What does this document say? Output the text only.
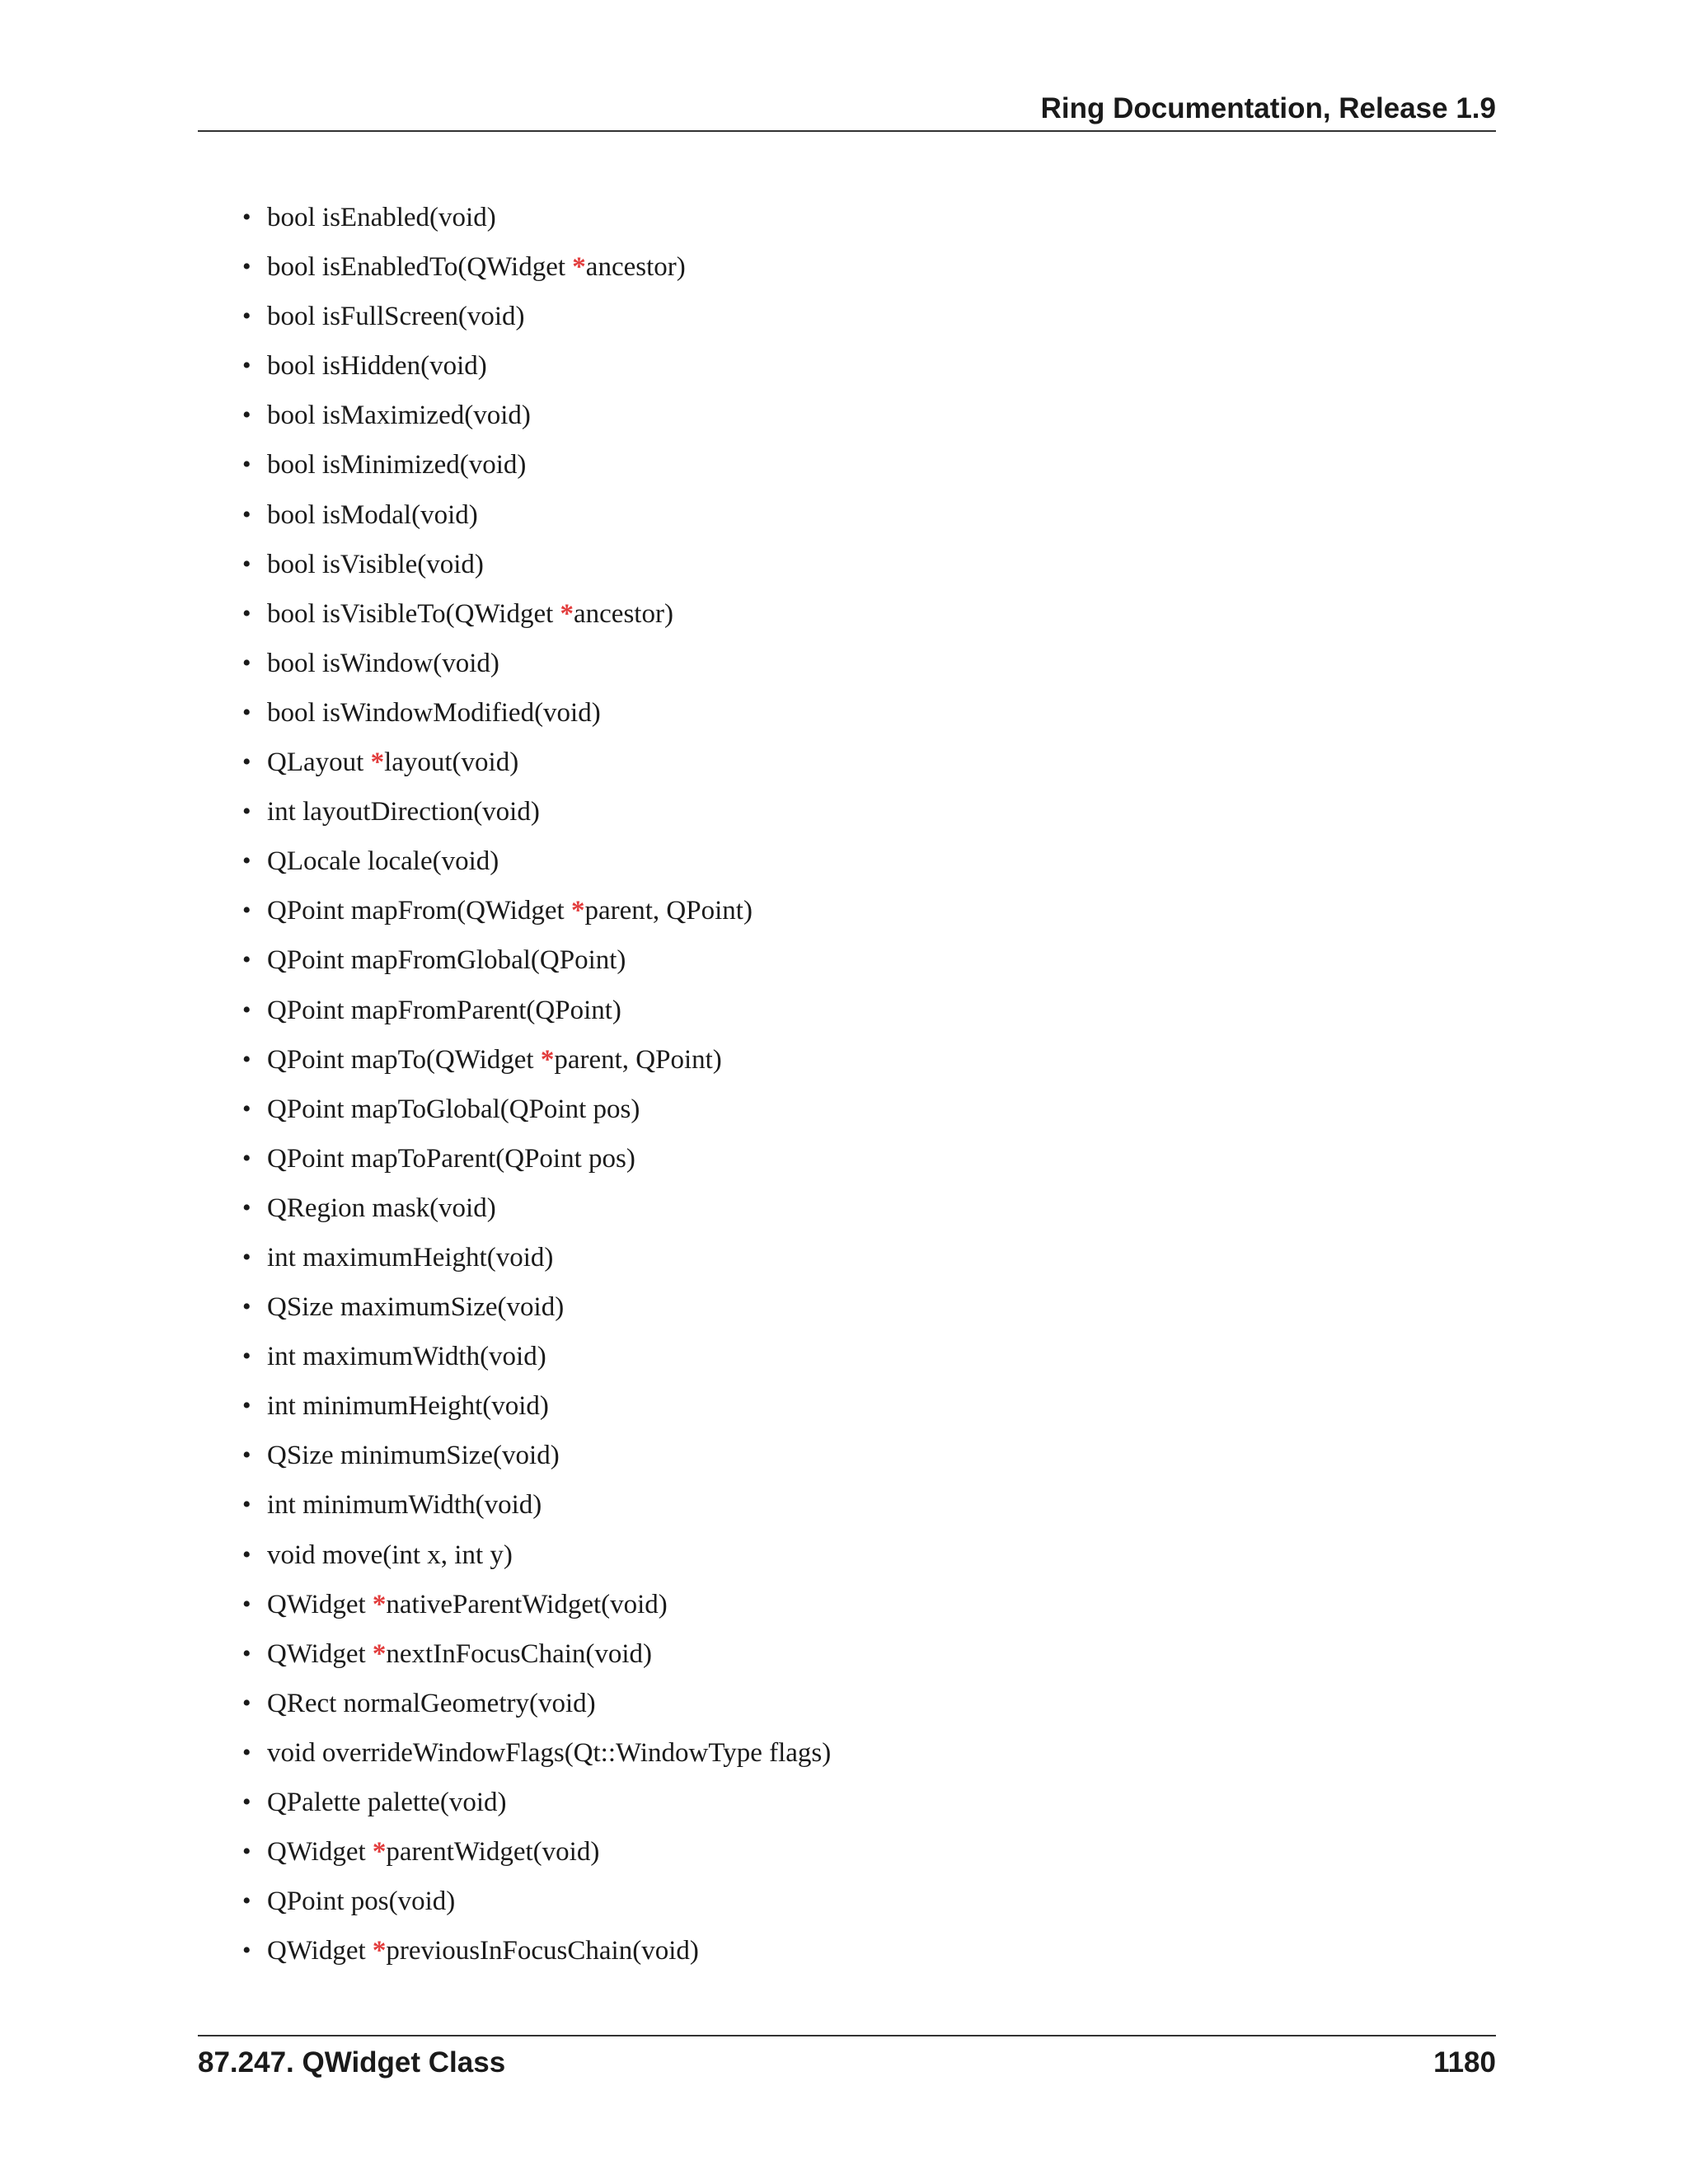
Ring Documentation, Release 1.9
• bool isEnabled(void)
• bool isEnabledTo(QWidget *ancestor)
• bool isFullScreen(void)
• bool isHidden(void)
• bool isMaximized(void)
• bool isMinimized(void)
• bool isModal(void)
• bool isVisible(void)
• bool isVisibleTo(QWidget *ancestor)
• bool isWindow(void)
• bool isWindowModified(void)
• QLayout *layout(void)
• int layoutDirection(void)
• QLocale locale(void)
• QPoint mapFrom(QWidget *parent, QPoint)
• QPoint mapFromGlobal(QPoint)
• QPoint mapFromParent(QPoint)
• QPoint mapTo(QWidget *parent, QPoint)
• QPoint mapToGlobal(QPoint pos)
• QPoint mapToParent(QPoint pos)
• QRegion mask(void)
• int maximumHeight(void)
• QSize maximumSize(void)
• int maximumWidth(void)
• int minimumHeight(void)
• QSize minimumSize(void)
• int minimumWidth(void)
• void move(int x, int y)
• QWidget *nativeParentWidget(void)
• QWidget *nextInFocusChain(void)
• QRect normalGeometry(void)
• void overrideWindowFlags(Qt::WindowType flags)
• QPalette palette(void)
• QWidget *parentWidget(void)
• QPoint pos(void)
• QWidget *previousInFocusChain(void)
87.247. QWidget Class	1180
